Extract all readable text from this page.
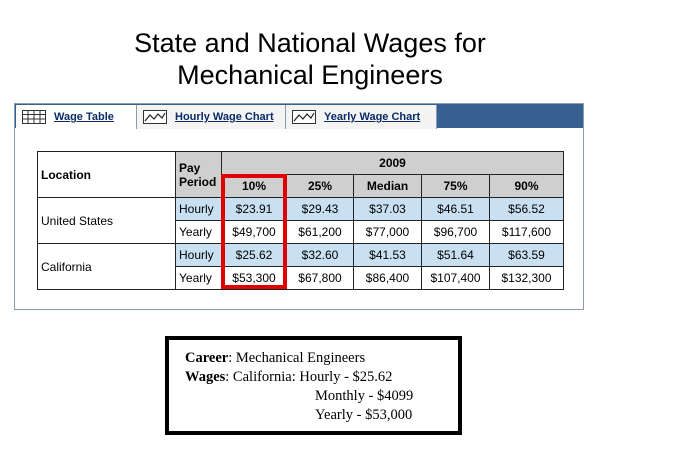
State and National Wages for
Mechanical Engineers
Wage Table	Hourly Wage Chart	Yearly Wage Chart
Location	Pay Period	2009				
		10%	25%	Median	75%	90%
United States	Hourly	$23.91	$29.43	$37.03	$46.51	$56.52
	Yearly	$49,700	$61,200	$77,000	$96,700	$117,600
California	Hourly	$25.62	$32.60	$41.53	$51.64	$63.59
	Yearly	$53,300	$67,800	$86,400	$107,400	$132,300
Career: Mechanical Engineers
Wages: California: Hourly - $25.62
Monthly - $4099
Yearly - $53,000
